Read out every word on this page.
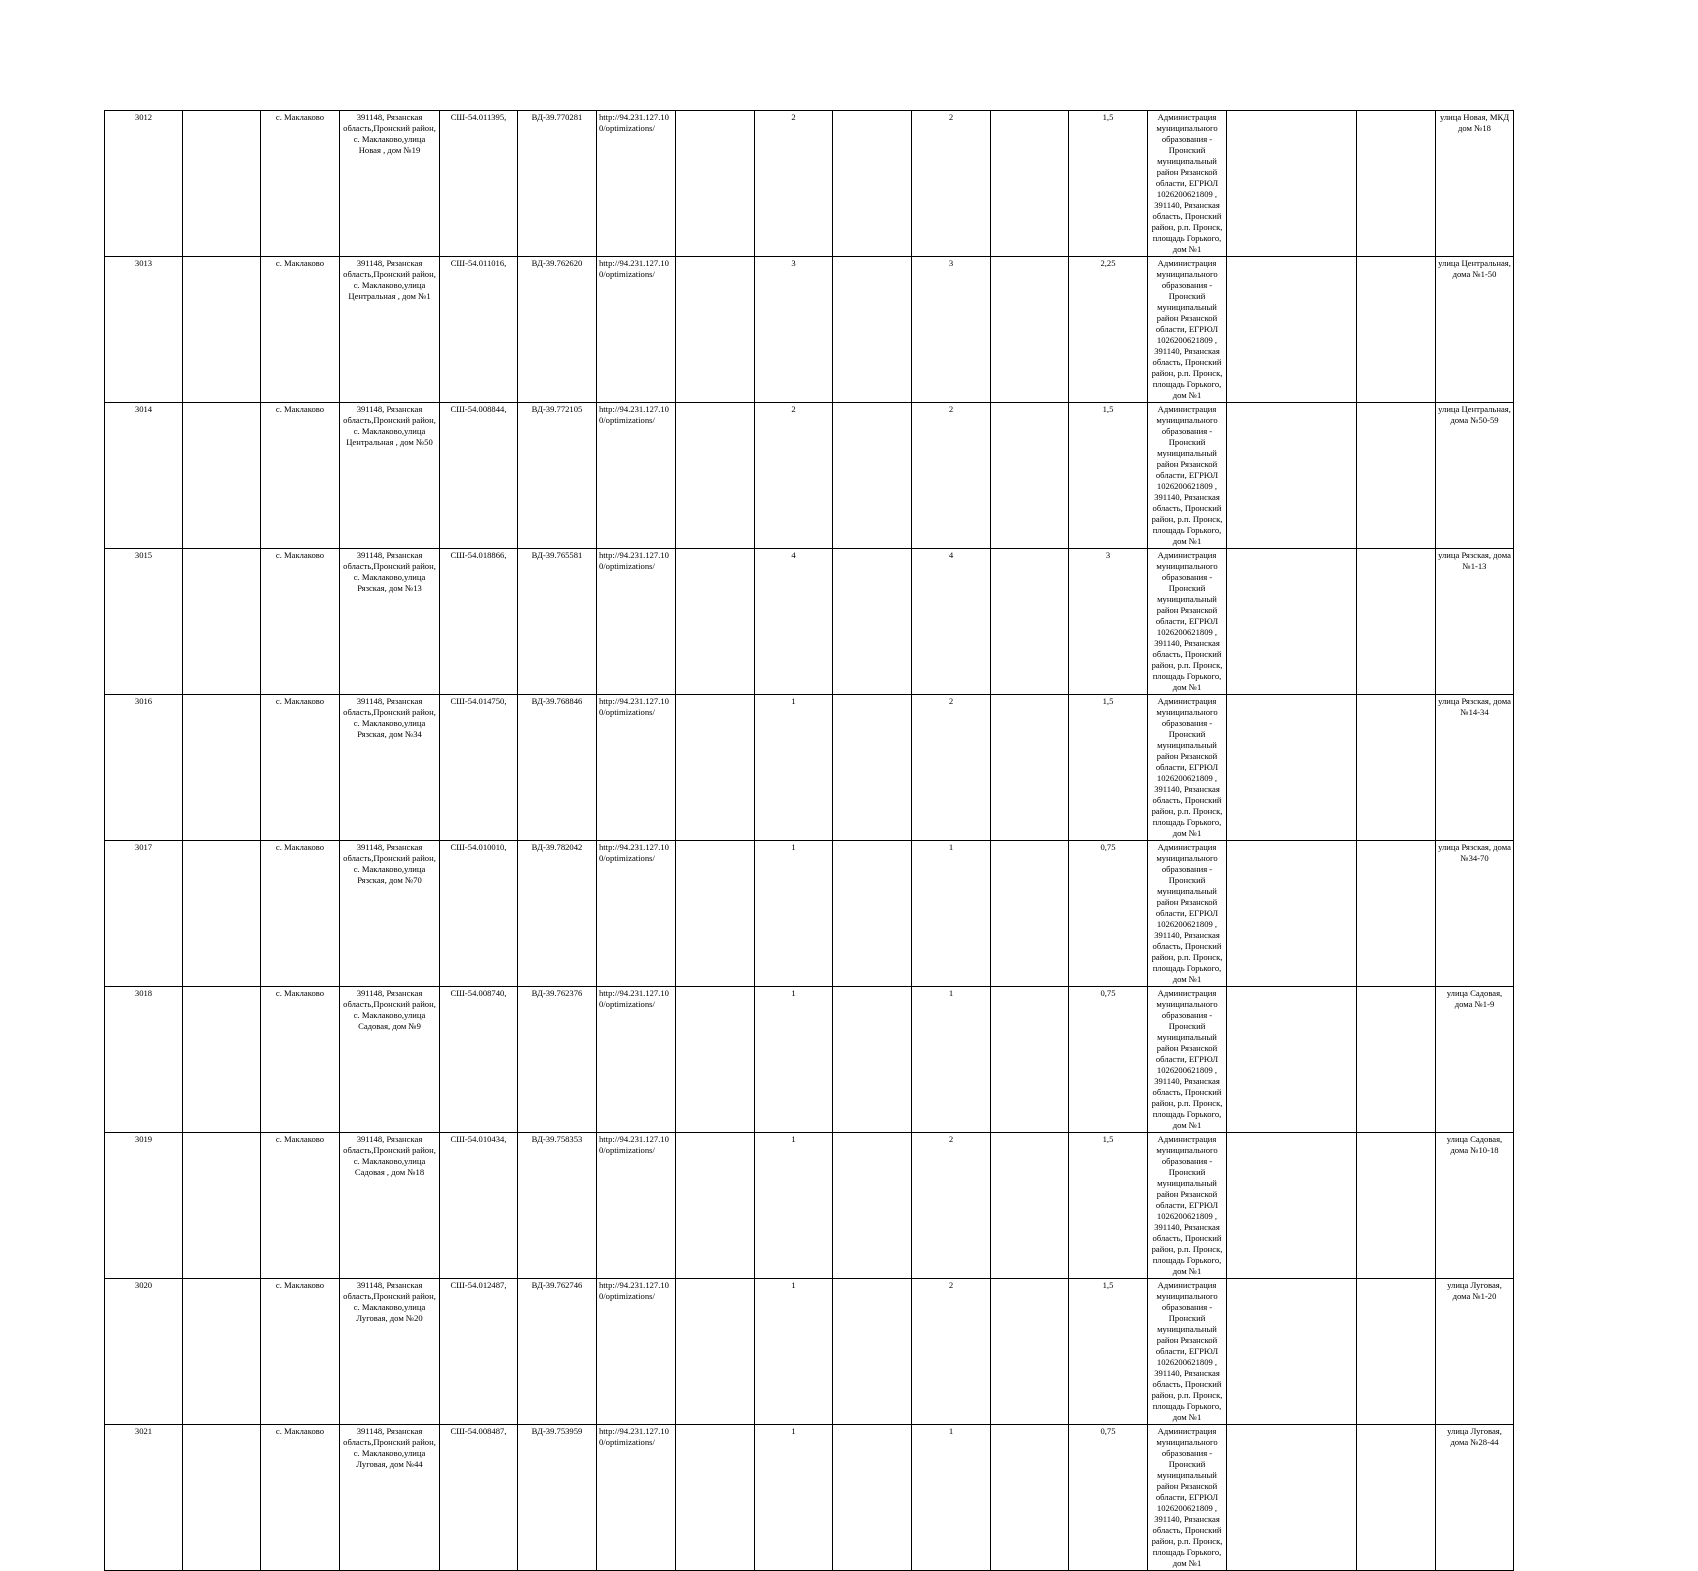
3012		с. Маклаково	391148, Рязанская область,Пронский район, с. Маклаково,улица Новая , дом №19	СШ-54.011395,	ВД-39.770281	http://94.231.127.100/optimizations/		2		2		1,5	Администрация муниципального образования - Пронский муниципальный район Рязанской области, ЕГРЮЛ 1026200621809 , 391140, Рязанская область, Пронский район, р.п. Пронск, площадь Горького, дом №1			улица Новая, МКД дом №18
3013		с. Маклаково	391148, Рязанская область,Пронский район, с. Маклаково,улица Центральная , дом №1	СШ-54.011016,	ВД-39.762620	http://94.231.127.100/optimizations/		3		3		2,25	Администрация муниципального образования - Пронский муниципальный район Рязанской области, ЕГРЮЛ 1026200621809 , 391140, Рязанская область, Пронский район, р.п. Пронск, площадь Горького, дом №1			улица Центральная, дома №1-50
3014		с. Маклаково	391148, Рязанская область,Пронский район, с. Маклаково,улица Центральная , дом №50	СШ-54.008844,	ВД-39.772105	http://94.231.127.100/optimizations/		2		2		1,5	Администрация муниципального образования - Пронский муниципальный район Рязанской области, ЕГРЮЛ 1026200621809 , 391140, Рязанская область, Пронский район, р.п. Пронск, площадь Горького, дом №1			улица Центральная, дома №50-59
3015		с. Маклаково	391148, Рязанская область,Пронский район, с. Маклаково,улица Рязская, дом №13	СШ-54.018866,	ВД-39.765581	http://94.231.127.100/optimizations/		4		4		3	Администрация муниципального образования - Пронский муниципальный район Рязанской области, ЕГРЮЛ 1026200621809 , 391140, Рязанская область, Пронский район, р.п. Пронск, площадь Горького, дом №1			улица Рязская, дома №1-13
3016		с. Маклаково	391148, Рязанская область,Пронский район, с. Маклаково,улица Рязская, дом №34	СШ-54.014750,	ВД-39.768846	http://94.231.127.100/optimizations/		1		2		1,5	Администрация муниципального образования - Пронский муниципальный район Рязанской области, ЕГРЮЛ 1026200621809 , 391140, Рязанская область, Пронский район, р.п. Пронск, площадь Горького, дом №1			улица Рязская, дома №14-34
3017		с. Маклаково	391148, Рязанская область,Пронский район, с. Маклаково,улица Рязская, дом №70	СШ-54.010010,	ВД-39.782042	http://94.231.127.100/optimizations/		1		1		0,75	Администрация муниципального образования - Пронский муниципальный район Рязанской области, ЕГРЮЛ 1026200621809 , 391140, Рязанская область, Пронский район, р.п. Пронск, площадь Горького, дом №1			улица Рязская, дома №34-70
3018		с. Маклаково	391148, Рязанская область,Пронский район, с. Маклаково,улица Садовая, дом №9	СШ-54.008740,	ВД-39.762376	http://94.231.127.100/optimizations/		1		1		0,75	Администрация муниципального образования - Пронский муниципальный район Рязанской области, ЕГРЮЛ 1026200621809 , 391140, Рязанская область, Пронский район, р.п. Пронск, площадь Горького, дом №1			улица Садовая, дома №1-9
3019		с. Маклаково	391148, Рязанская область,Пронский район, с. Маклаково,улица Садовая , дом №18	СШ-54.010434,	ВД-39.758353	http://94.231.127.100/optimizations/		1		2		1,5	Администрация муниципального образования - Пронский муниципальный район Рязанской области, ЕГРЮЛ 1026200621809 , 391140, Рязанская область, Пронский район, р.п. Пронск, площадь Горького, дом №1			улица Садовая, дома №10-18
3020		с. Маклаково	391148, Рязанская область,Пронский район, с. Маклаково,улица Луговая, дом №20	СШ-54.012487,	ВД-39.762746	http://94.231.127.100/optimizations/		1		2		1,5	Администрация муниципального образования - Пронский муниципальный район Рязанской области, ЕГРЮЛ 1026200621809 , 391140, Рязанская область, Пронский район, р.п. Пронск, площадь Горького, дом №1			улица Луговая, дома №1-20
3021		с. Маклаково	391148, Рязанская область,Пронский район, с. Маклаково,улица Луговая, дом №44	СШ-54.008487,	ВД-39.753959	http://94.231.127.100/optimizations/		1		1		0,75	Администрация муниципального образования - Пронский муниципальный район Рязанской области, ЕГРЮЛ 1026200621809 , 391140, Рязанская область, Пронский район, р.п. Пронск, площадь Горького, дом №1			улица Луговая, дома №28-44
